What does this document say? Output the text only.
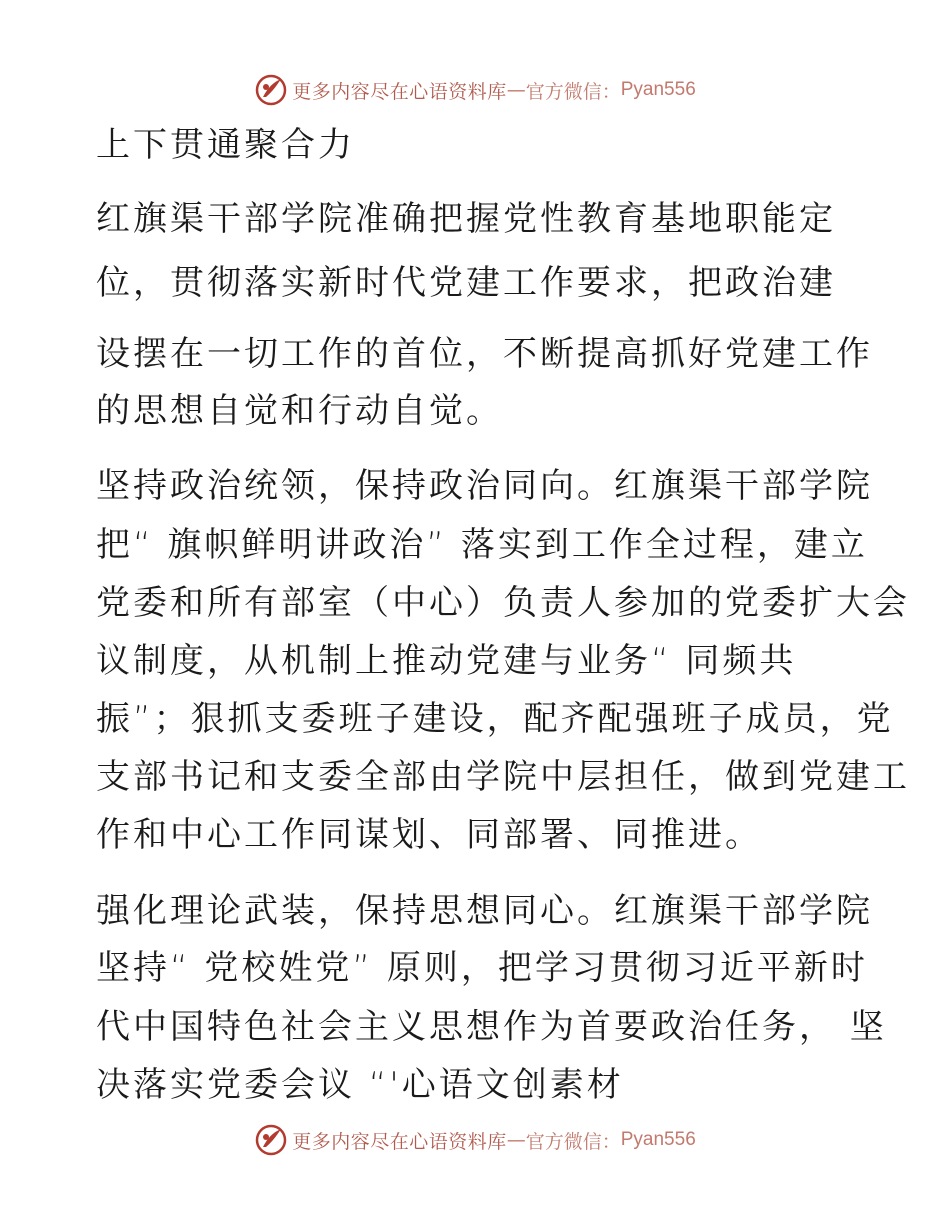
更多内容尽在心语资料库 — 官方微信： Pyan556
上下贯通聚合力
红旗渠干部学院准确把握党性教育基地职能定
位，贯彻落实新时代党建工作要求，把政治建
设摆在一切工作的首位，不断提高抓好党建工作
的思想自觉和行动自觉。
坚持政治统领，保持政治同向。红旗渠干部学院
把“ 旗帜鲜明讲政治” 落实到工作全过程，建立
党委和所有部室（中心）负责人参加的党委扩大会
议制度，从机制上推动党建与业务“ 同频共
振”；狠抓支委班子建设，配齐配强班子成员，党
支部书记和支委全部由学院中层担任，做到党建工
作和中心工作同谋划、同部署、同推进。
强化理论武装，保持思想同心。红旗渠干部学院
坚持“ 党校姓党” 原则，把学习贯彻习近平新时
代中国特色社会主义思想作为首要政治任务， 坚
决落实党委会议 “'心语文创素材
更多内容尽在心语资料库 — 官方微信： Pyan556
